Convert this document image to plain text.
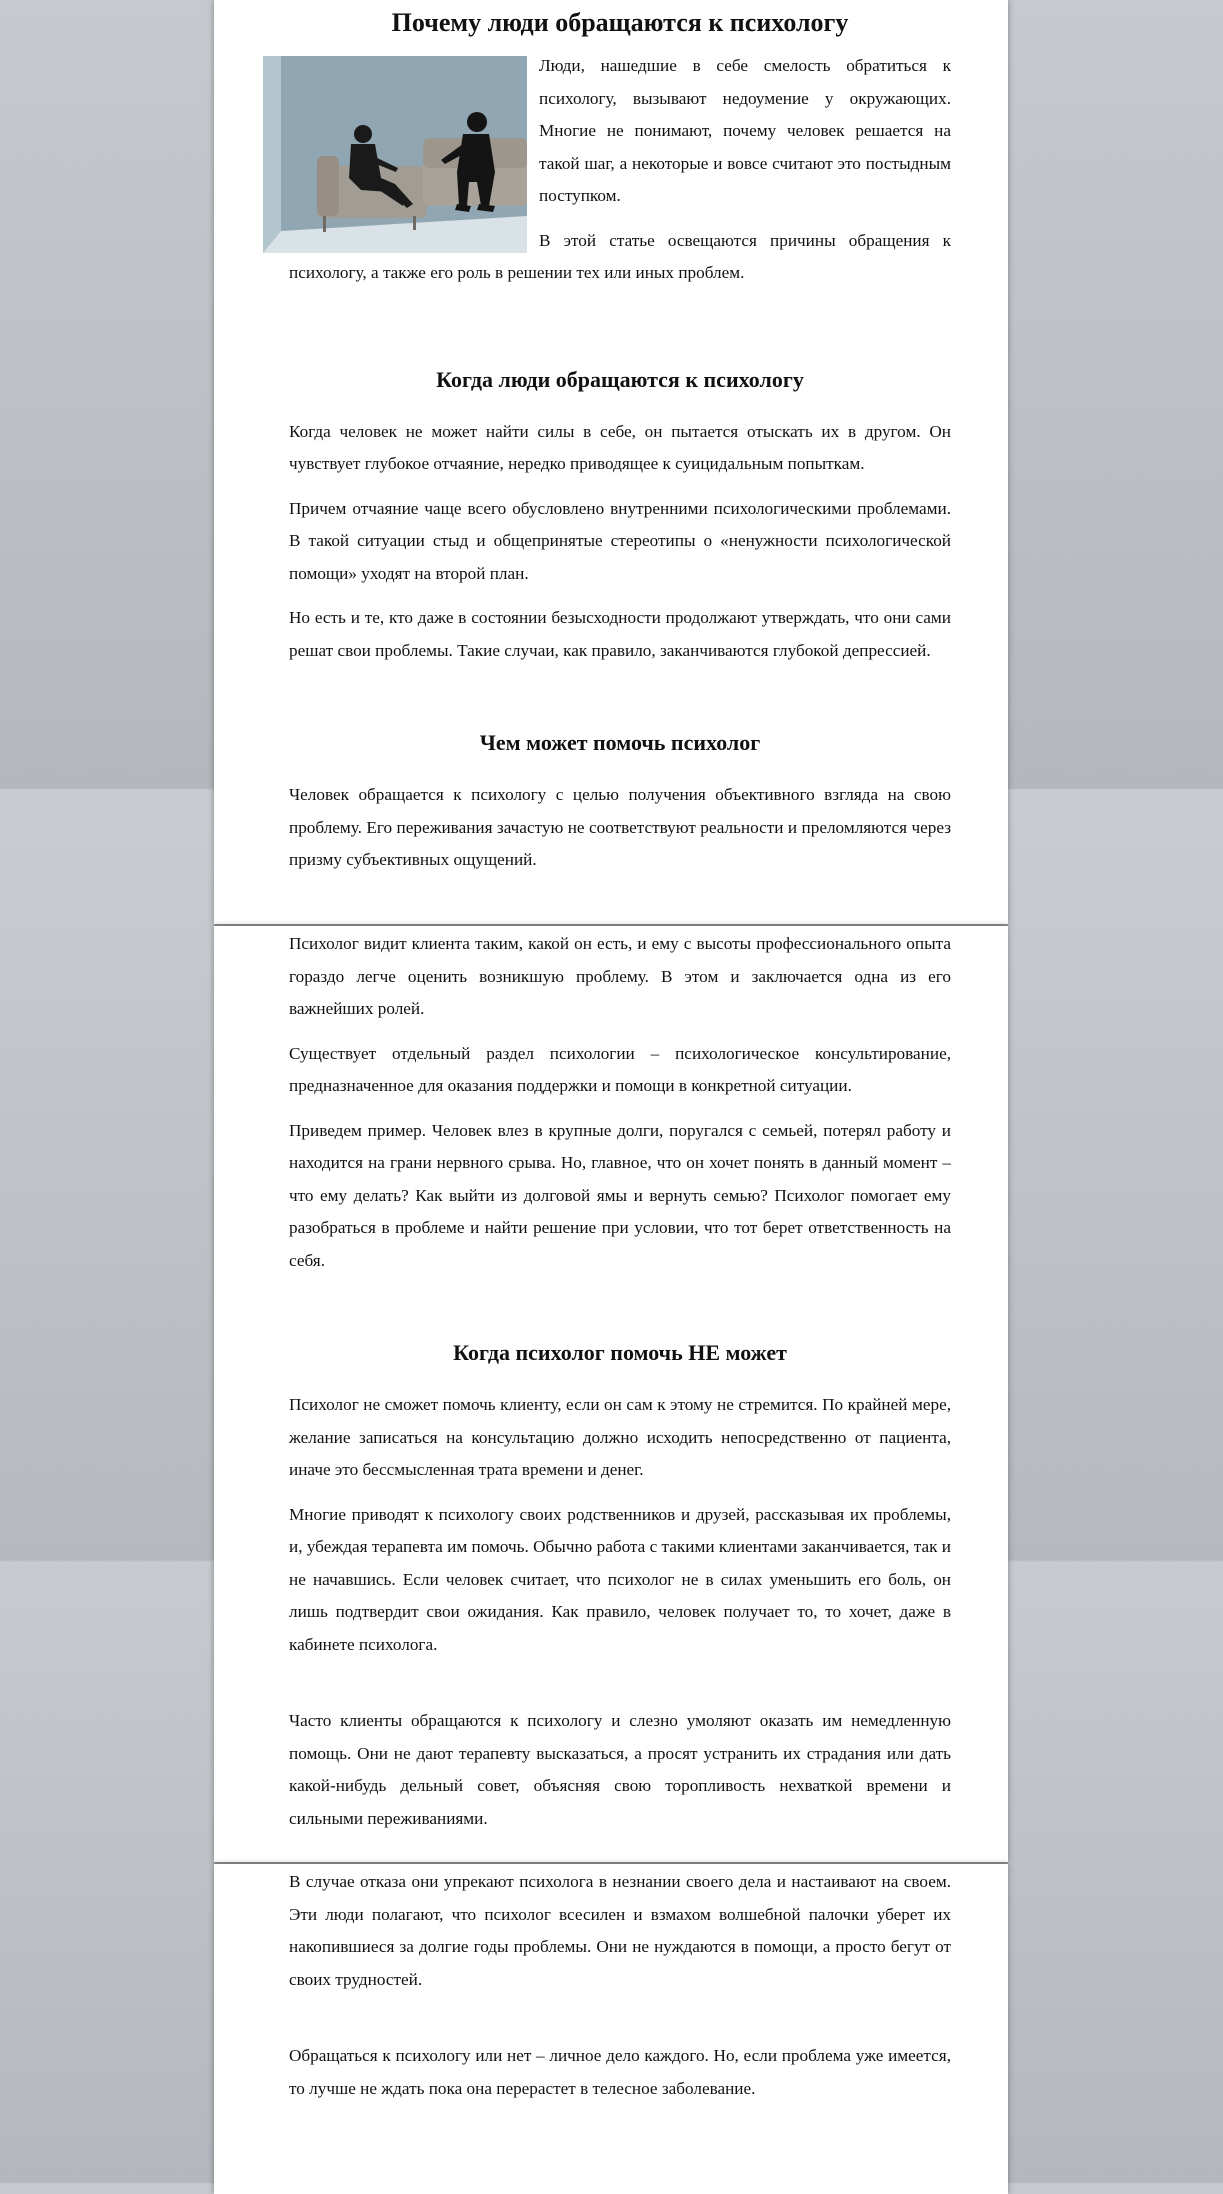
Почему люди обращаются к психологу

Люди, нашедшие в себе смелость обратиться к психологу, вызывают недоумение у окружающих. Многие не понимают, почему человек решается на такой шаг, а некоторые и вовсе считают это постыдным поступком.

В этой статье освещаются причины обращения к психологу, а также его роль в решении тех или иных проблем.

Когда люди обращаются к психологу

Когда человек не может найти силы в себе, он пытается отыскать их в другом. Он чувствует глубокое отчаяние, нередко приводящее к суицидальным попыткам.

Причем отчаяние чаще всего обусловлено внутренними психологическими проблемами. В такой ситуации стыд и общепринятые стереотипы о «ненужности психологической помощи» уходят на второй план.

Но есть и те, кто даже в состоянии безысходности продолжают утверждать, что они сами решат свои проблемы. Такие случаи, как правило, заканчиваются глубокой депрессией.

Чем может помочь психолог

Человек обращается к психологу с целью получения объективного взгляда на свою проблему. Его переживания зачастую не соответствуют реальности и преломляются через призму субъективных ощущений.

Психолог видит клиента таким, какой он есть, и ему с высоты профессионального опыта гораздо легче оценить возникшую проблему. В этом и заключается одна из его важнейших ролей.

Существует отдельный раздел психологии – психологическое консультирование, предназначенное для оказания поддержки и помощи в конкретной ситуации.

Приведем пример. Человек влез в крупные долги, поругался с семьей, потерял работу и находится на грани нервного срыва. Но, главное, что он хочет понять в данный момент – что ему делать? Как выйти из долговой ямы и вернуть семью? Психолог помогает ему разобраться в проблеме и найти решение при условии, что тот берет ответственность на себя.

Когда психолог помочь НЕ может

Психолог не сможет помочь клиенту, если он сам к этому не стремится. По крайней мере, желание записаться на консультацию должно исходить непосредственно от пациента, иначе это бессмысленная трата времени и денег.

Многие приводят к психологу своих родственников и друзей, рассказывая их проблемы, и, убеждая терапевта им помочь. Обычно работа с такими клиентами заканчивается, так и не начавшись. Если человек считает, что психолог не в силах уменьшить его боль, он лишь подтвердит свои ожидания. Как правило, человек получает то, то хочет, даже в кабинете психолога.

Часто клиенты обращаются к психологу и слезно умоляют оказать им немедленную помощь. Они не дают терапевту высказаться, а просят устранить их страдания или дать какой-нибудь дельный совет, объясняя свою торопливость нехваткой времени и сильными переживаниями.

В случае отказа они упрекают психолога в незнании своего дела и настаивают на своем. Эти люди полагают, что психолог всесилен и взмахом волшебной палочки уберет их накопившиеся за долгие годы проблемы. Они не нуждаются в помощи, а просто бегут от своих трудностей.

Обращаться к психологу или нет – личное дело каждого. Но, если проблема уже имеется, то лучше не ждать пока она перерастет в телесное заболевание.
